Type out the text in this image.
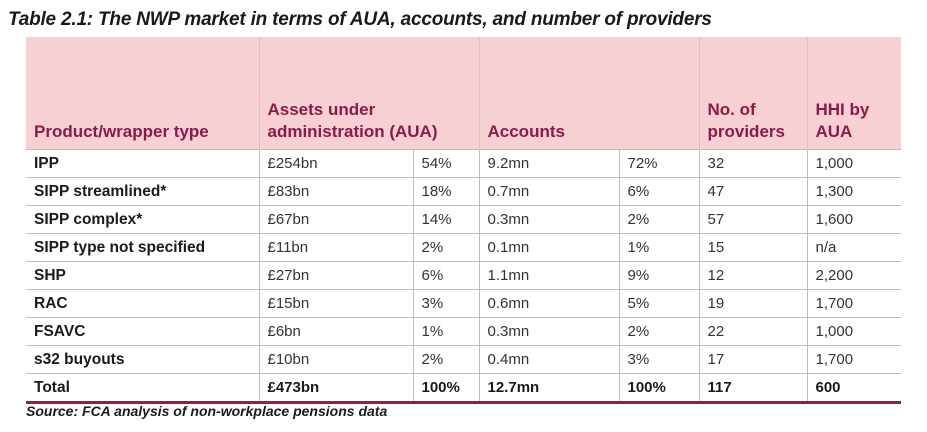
Table 2.1: The NWP market in terms of AUA, accounts, and number of providers
Product/wrapper type	Assets under administration (AUA)		Accounts		No. of providers	HHI by AUA
IPP	£254bn	54%	9.2mn	72%	32	1,000
SIPP streamlined*	£83bn	18%	0.7mn	6%	47	1,300
SIPP complex*	£67bn	14%	0.3mn	2%	57	1,600
SIPP type not specified	£11bn	2%	0.1mn	1%	15	n/a
SHP	£27bn	6%	1.1mn	9%	12	2,200
RAC	£15bn	3%	0.6mn	5%	19	1,700
FSAVC	£6bn	1%	0.3mn	2%	22	1,000
s32 buyouts	£10bn	2%	0.4mn	3%	17	1,700
Total	£473bn	100%	12.7mn	100%	117	600
Source: FCA analysis of non-workplace pensions data
